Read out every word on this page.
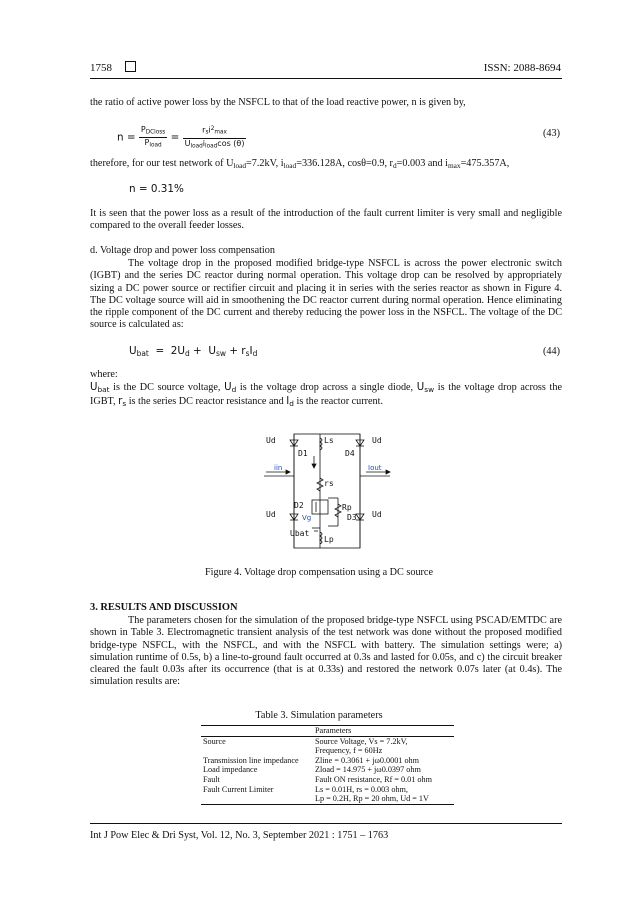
1758	ISSN: 2088-8694
the ratio of active power loss by the NSFCL to that of the load reactive power, n is given by,
$n = \frac{P_{DCloss}}{P_{load}} = \frac{r_si^2_{max}}{U_{load}i_{load}\cos (\theta)}$	(43)
therefore, for our test network of $U_{load}=7.2kV$, $i_{load}=336.128A$, cosθ=0.9, $r_d=0.003$ and $i_{max}=475.357A$,
n = 0.31%
It is seen that the power loss as a result of the introduction of the fault current limiter is very small and negligible compared to the overall feeder losses.
d. Voltage drop and power loss compensation
The voltage drop in the proposed modified bridge-type NSFCL is across the power electronic switch (IGBT) and the series DC reactor during normal operation. This voltage drop can be resolved by appropriately sizing a DC power source or rectifier circuit and placing it in series with the series reactor as shown in Figure 4. The DC voltage source will aid in smoothening the DC reactor current during normal operation. Hence eliminating the ripple component of the DC current and thereby reducing the power loss in the NSFCL. The voltage of the DC source is calculated as:
$U_{bat} = 2U_d + U_{sw} + r_sI_d$	(44)
where:
$U_{bat}$ is the DC source voltage, $U_d$ is the voltage drop across a single diode, $U_{sw}$ is the voltage drop across the IGBT, $r_s$ is the series DC reactor resistance and $I_d$ is the reactor current.
Ud	Ud
Ud	Ud
Ls
D1	D4
D2
D3
iin	Iout
rs
Rp
Lp
Vg
Ubat
Figure 4. Voltage drop compensation using a DC source
3. RESULTS AND DISCUSSION
The parameters chosen for the simulation of the proposed bridge-type NSFCL using PSCAD/EMTDC are shown in Table 3. Electromagnetic transient analysis of the test network was done without the proposed modified bridge-type NSFCL, with the NSFCL, and with the NSFCL with battery. The simulation settings were; a) simulation runtime of 0.5s, b) a line-to-ground fault occurred at 0.3s and lasted for 0.05s, and c) the circuit breaker cleared the fault 0.03s after its occurrence (that is at 0.33s) and restored the network 0.07s later (at 0.4s). The simulation results are:
Table 3. Simulation parameters
	Parameters
Source	Source Voltage, Vs = 7.2kV,
	Frequency, f = 60Hz
Transmission line impedance	Zline = 0.3061 + jω0.0001 ohm
Load impedance	Zload = 14.975 + jω0.0397 ohm
Fault	Fault ON resistance, Rf = 0.01 ohm
Fault Current Limiter	Ls = 0.01H, rs = 0.003 ohm,
	Lp = 0.2H, Rp = 20 ohm, Ud = 1V
Int J Pow Elec & Dri Syst, Vol. 12, No. 3, September 2021 : 1751 – 1763
